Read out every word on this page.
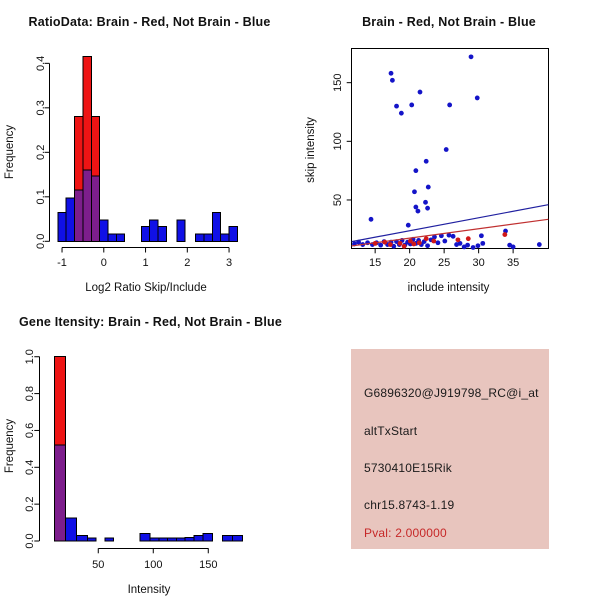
0.0
0.1
0.2
0.3
0.4
-1	0	1	2	3
50
100
150
15 20 25 30 35
0.0
0.2
0.4
0.6
0.8
1.0
50	100	150
RatioData: Brain - Red, Not Brain - Blue	Brain - Red, Not Brain - Blue
Gene Itensity: Brain - Red, Not Brain - Blue
Log2 Ratio Skip/Include	include intensity
Intensity
Frequency	skip intensity
Frequency
G6896320@J919798_RC@i_at
altTxStart
5730410E15Rik
chr15.8743-1.19
Pval: 2.000000
